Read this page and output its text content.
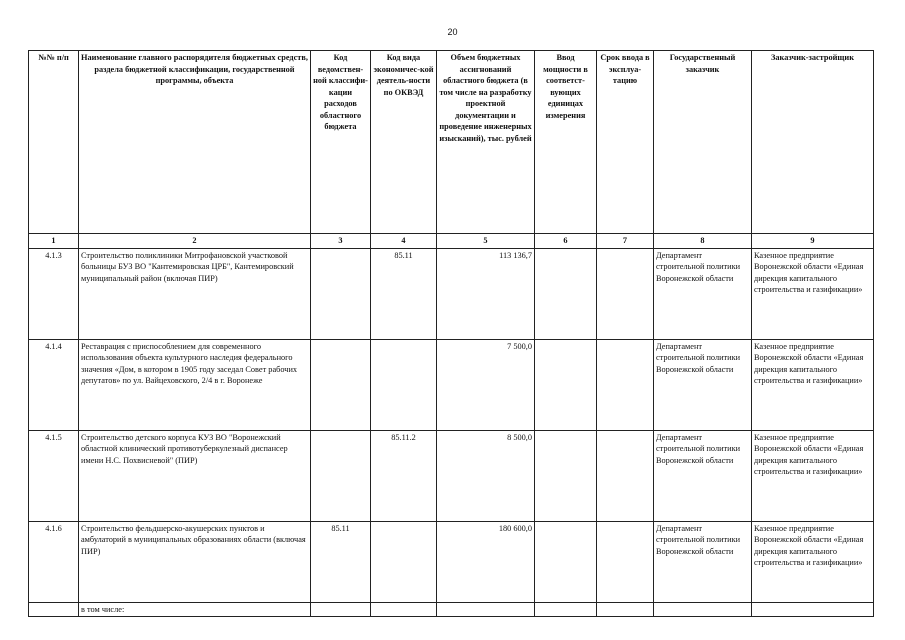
20
№№ п/п	Наименование главного распорядителя бюджетных средств, раздела бюджетной классификации, государственной программы, объекта	Код ведомствен-ной классифи-кации расходов областного бюджета	Код вида экономичес-кой деятель-ности по ОКВЭД	Объем бюджетных ассигнований областного бюджета (в том числе на разработку проектной документации и проведение инженерных изысканий), тыс. рублей	Ввод мощности в соответст-вующих единицах измерения	Срок ввода в эксплуа-тацию	Государственный заказчик	Заказчик-застройщик
1	2	3	4	5	6	7	8	9
4.1.3	Строительство поликлиники Митрофановской участковой больницы БУЗ ВО "Кантемировская ЦРБ", Кантемировский муниципальный район (включая ПИР)		85.11	113 136,7			Департамент строительной политики Воронежской области	Казенное предприятие Воронежской области «Единая дирекция капитального строительства и газификации»
4.1.4	Реставрация с приспособлением для современного использования объекта культурного наследия федерального значения «Дом, в котором в 1905 году заседал Совет рабочих депутатов» по ул. Вайцеховского, 2/4 в г. Воронеже			7 500,0			Департамент строительной политики Воронежской области	Казенное предприятие Воронежской области «Единая дирекция капитального строительства и газификации»
4.1.5	Строительство детского корпуса КУЗ ВО "Воронежский областной клинический противотуберкулезный диспансер имени Н.С. Похвисневой" (ПИР)		85.11.2	8 500,0			Департамент строительной политики Воронежской области	Казенное предприятие Воронежской области «Единая дирекция капитального строительства и газификации»
4.1.6	Строительство фельдшерско-акушерских пунктов и амбулаторий в муниципальных образованиях области (включая ПИР)	85.11		180 600,0			Департамент строительной политики Воронежской области	Казенное предприятие Воронежской области «Единая дирекция капитального строительства и газификации»
	в том числе:							
